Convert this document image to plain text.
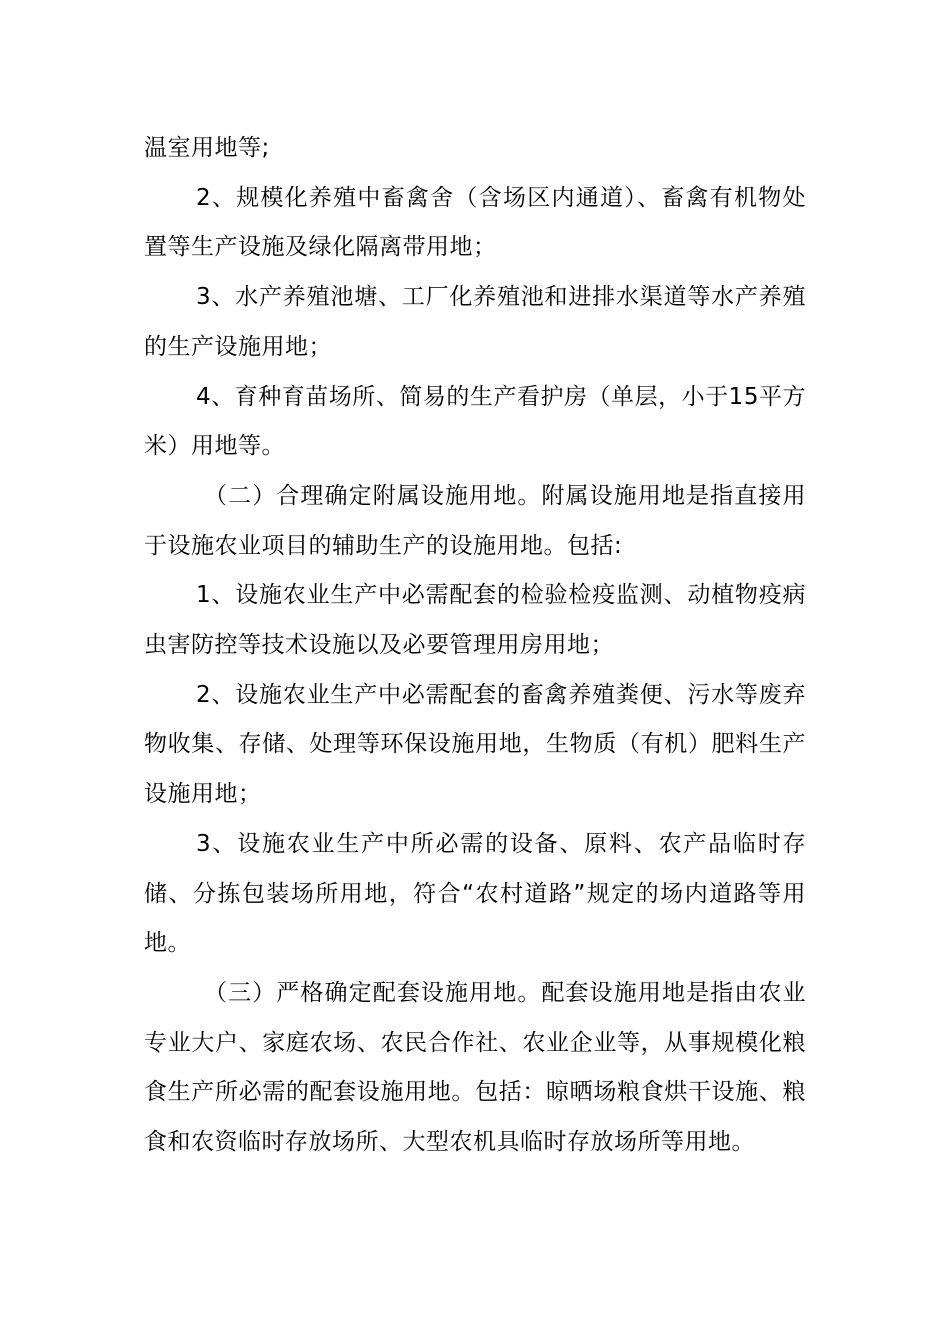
温室用地等;

2、规模化养殖中畜禽舍（含场区内通道）、畜禽有机物处置等生产设施及绿化隔离带用地；

3、水产养殖池塘、工厂化养殖池和进排水渠道等水产养殖的生产设施用地；

4、育种育苗场所、简易的生产看护房（单层，小于15平方米）用地等。

（二）合理确定附属设施用地。附属设施用地是指直接用于设施农业项目的辅助生产的设施用地。包括:

1、设施农业生产中必需配套的检验检疫监测、动植物疫病虫害防控等技术设施以及必要管理用房用地；

2、设施农业生产中必需配套的畜禽养殖粪便、污水等废弃物收集、存储、处理等环保设施用地，生物质（有机）肥料生产设施用地；

3、设施农业生产中所必需的设备、原料、农产品临时存储、分拣包装场所用地，符合“农村道路”规定的场内道路等用地。

（三）严格确定配套设施用地。配套设施用地是指由农业专业大户、家庭农场、农民合作社、农业企业等，从事规模化粮食生产所必需的配套设施用地。包括：晾晒场粮食烘干设施、粮食和农资临时存放场所、大型农机具临时存放场所等用地。
